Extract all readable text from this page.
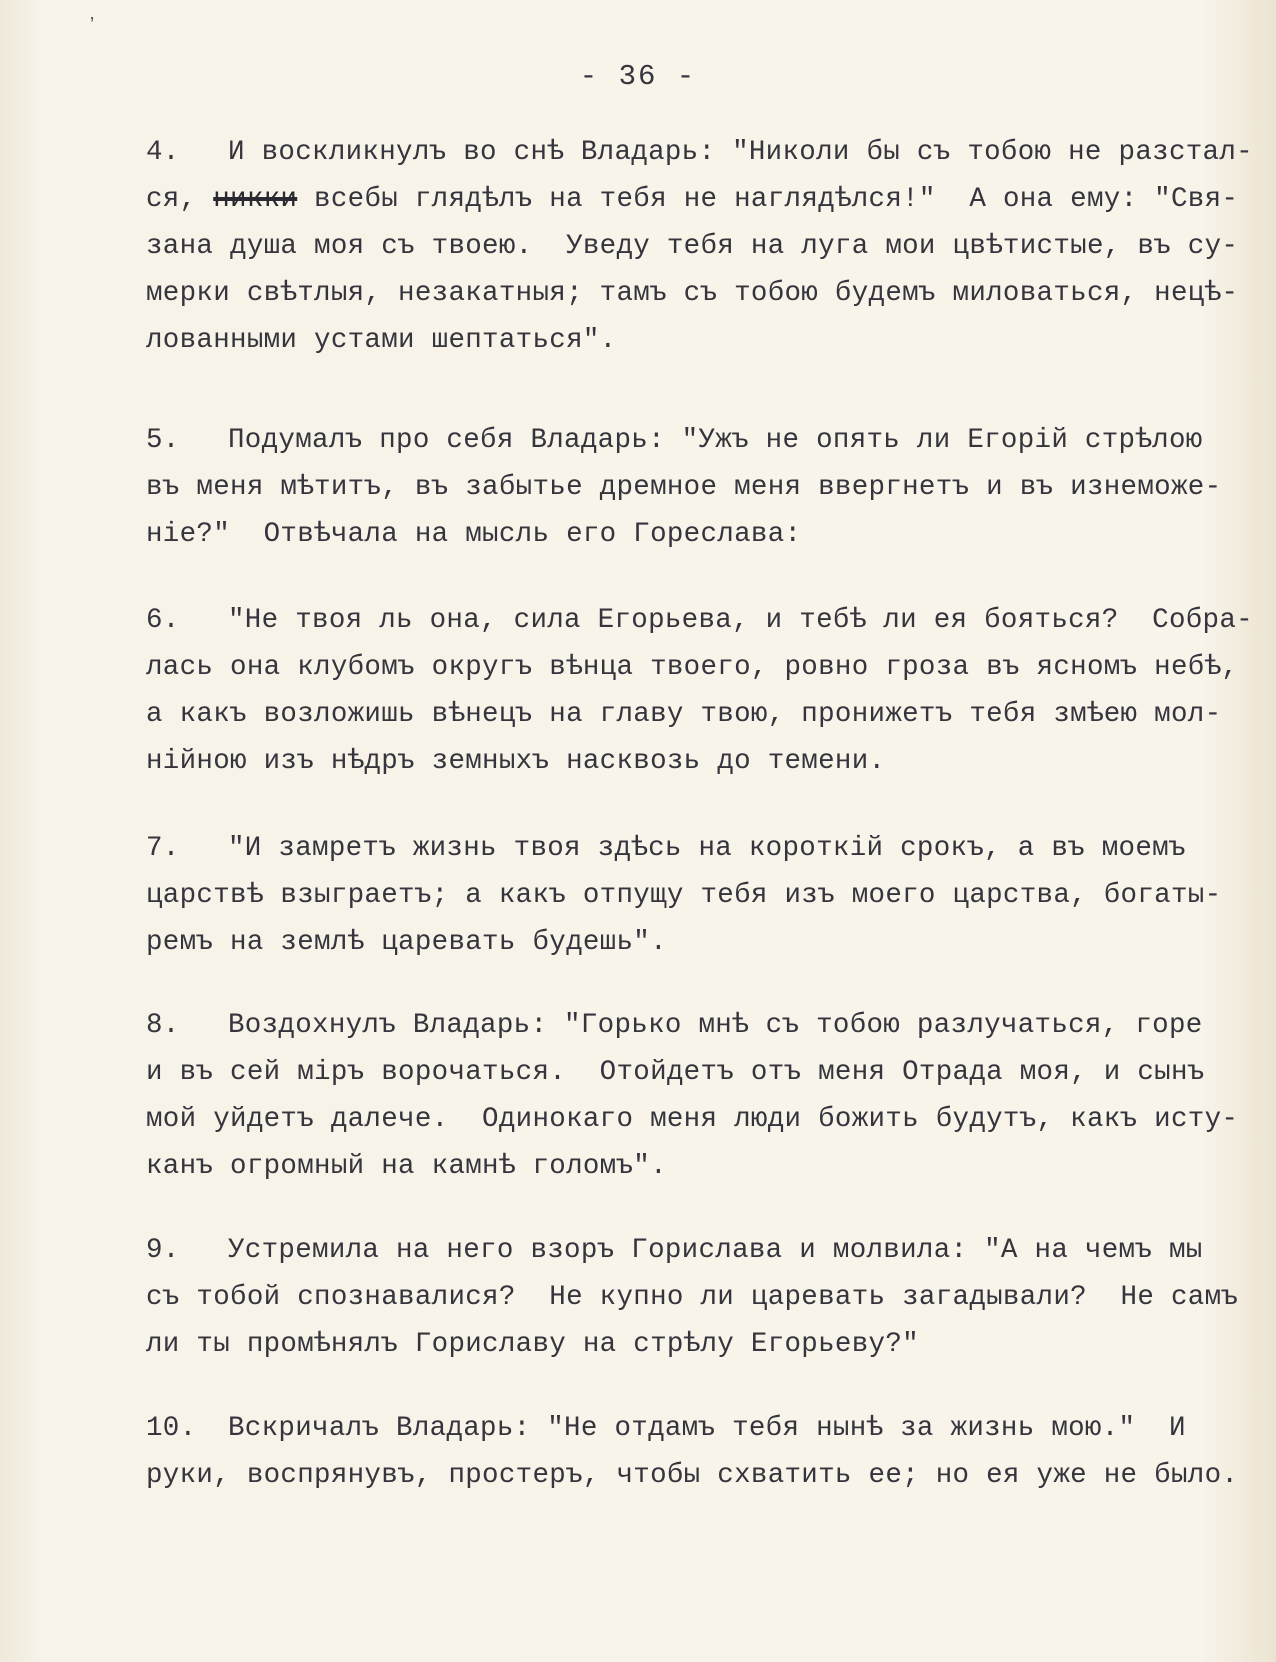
ʼ
- 36 -
4. И воскликнулъ во снѣ Владарь: "Николи бы съ тобою не разстал-
ся, никки всебы глядѣлъ на тебя не наглядѣлся!"  А она ему: "Свя-
зана душа моя съ твоею.  Уведу тебя на луга мои цвѣтистые, въ су-
мерки свѣтлыя, незакатныя; тамъ съ тобою будемъ миловаться, нецѣ-
лованными устами шептаться".
5. Подумалъ про себя Владарь: "Ужъ не опять ли Егорій стрѣлою
въ меня мѣтитъ, въ забытье дремное меня ввергнетъ и въ изнеможе-
ніе?"  Отвѣчала на мысль его Гореслава:
6. "Не твоя ль она, сила Егорьева, и тебѣ ли ея бояться?  Собра-
лась она клубомъ округъ вѣнца твоего, ровно гроза въ ясномъ небѣ,
а какъ возложишь вѣнецъ на главу твою, пронижетъ тебя змѣею мол-
нійною изъ нѣдръ земныхъ насквозь до темени.
7. "И замретъ жизнь твоя здѣсь на короткій срокъ, а въ моемъ
царствѣ взыграетъ; а какъ отпущу тебя изъ моего царства, богаты-
ремъ на землѣ царевать будешь".
8. Воздохнулъ Владарь: "Горько мнѣ съ тобою разлучаться, горе
и въ сей міръ ворочаться.  Отойдетъ отъ меня Отрада моя, и сынъ
мой уйдетъ далече.  Одинокаго меня люди божить будутъ, какъ исту-
канъ огромный на камнѣ голомъ".
9. Устремила на него взоръ Горислава и молвила: "А на чемъ мы
съ тобой спознавалися?  Не купно ли царевать загадывали?  Не самъ
ли ты промѣнялъ Гориславу на стрѣлу Егорьеву?"
10. Вскричалъ Владарь: "Не отдамъ тебя нынѣ за жизнь мою."  И
руки, воспрянувъ, простеръ, чтобы схватить ее; но ея уже не было.
